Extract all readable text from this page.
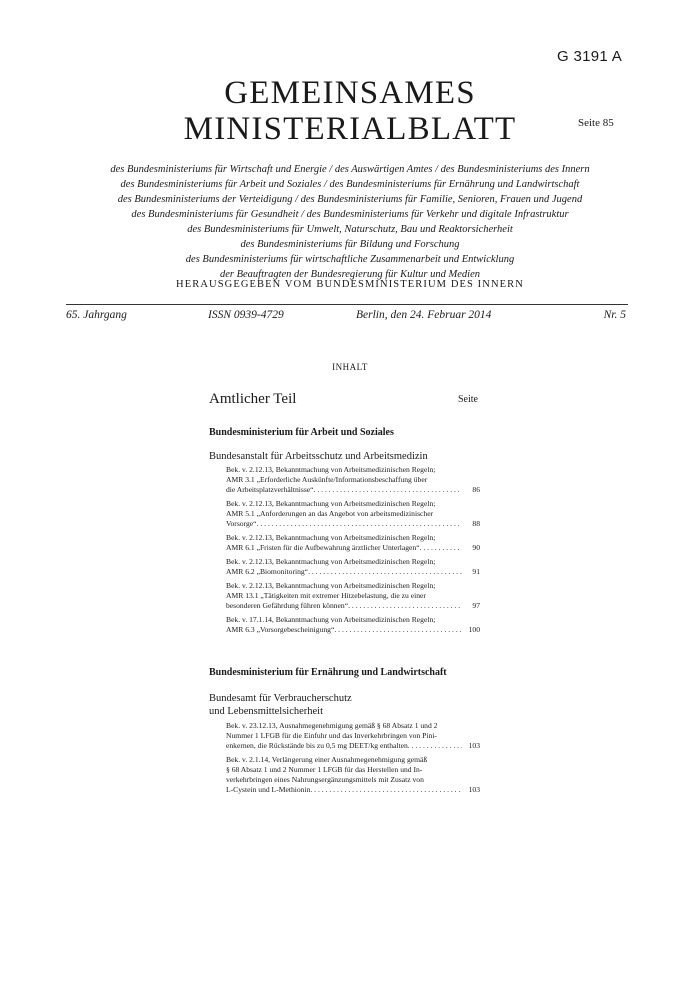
G 3191 A
GEMEINSAMES
MINISTERIALBLATT	Seite 85
des Bundesministeriums für Wirtschaft und Energie / des Auswärtigen Amtes / des Bundesministeriums des Innern
des Bundesministeriums für Arbeit und Soziales / des Bundesministeriums für Ernährung und Landwirtschaft
des Bundesministeriums der Verteidigung / des Bundesministeriums für Familie, Senioren, Frauen und Jugend
des Bundesministeriums für Gesundheit / des Bundesministeriums für Verkehr und digitale Infrastruktur
des Bundesministeriums für Umwelt, Naturschutz, Bau und Reaktorsicherheit
des Bundesministeriums für Bildung und Forschung
des Bundesministeriums für wirtschaftliche Zusammenarbeit und Entwicklung
der Beauftragten der Bundesregierung für Kultur und Medien
HERAUSGEGEBEN VOM BUNDESMINISTERIUM DES INNERN
65. Jahrgang	ISSN 0939-4729	Berlin, den 24. Februar 2014	Nr. 5
INHALT
Amtlicher Teil	Seite
Bundesministerium für Arbeit und Soziales
Bundesanstalt für Arbeitsschutz und Arbeitsmedizin
Bek. v. 2.12.13, Bekanntmachung von Arbeitsmedizinischen Regeln;
AMR 3.1 „Erforderliche Auskünfte/Informationsbeschaffung über
die Arbeitsplatzverhältnisse“ . . .	86
Bek. v. 2.12.13, Bekanntmachung von Arbeitsmedizinischen Regeln;
AMR 5.1 „Anforderungen an das Angebot von arbeitsmedizinischer
Vorsorge“ . . .	88
Bek. v. 2.12.13, Bekanntmachung von Arbeitsmedizinischen Regeln;
AMR 6.1 „Fristen für die Aufbewahrung ärztlicher Unterlagen“ . . .	90
Bek. v. 2.12.13, Bekanntmachung von Arbeitsmedizinischen Regeln;
AMR 6.2 „Biomonitoring“ . . .	91
Bek. v. 2.12.13, Bekanntmachung von Arbeitsmedizinischen Regeln;
AMR 13.1 „Tätigkeiten mit extremer Hitzebelastung, die zu einer
besonderen Gefährdung führen können“ . . .	97
Bek. v. 17.1.14, Bekanntmachung von Arbeitsmedizinischen Regeln;
AMR 6.3 „Vorsorgebescheinigung“ . . .	100
Bundesministerium für Ernährung und Landwirtschaft
Bundesamt für Verbraucherschutz
und Lebensmittelsicherheit
Bek. v. 23.12.13, Ausnahmegenehmigung gemäß § 68 Absatz 1 und 2
Nummer 1 LFGB für die Einfuhr und das Inverkehrbringen von Pini-
enkernen, die Rückstände bis zu 0,5 mg DEET/kg enthalten . . .	103
Bek. v. 2.1.14, Verlängerung einer Ausnahmegenehmigung gemäß
§ 68 Absatz 1 und 2 Nummer 1 LFGB für das Herstellen und In-
verkehrbringen eines Nahrungsergänzungsmittels mit Zusatz von
L-Cystein und L-Methionin . . .	103
